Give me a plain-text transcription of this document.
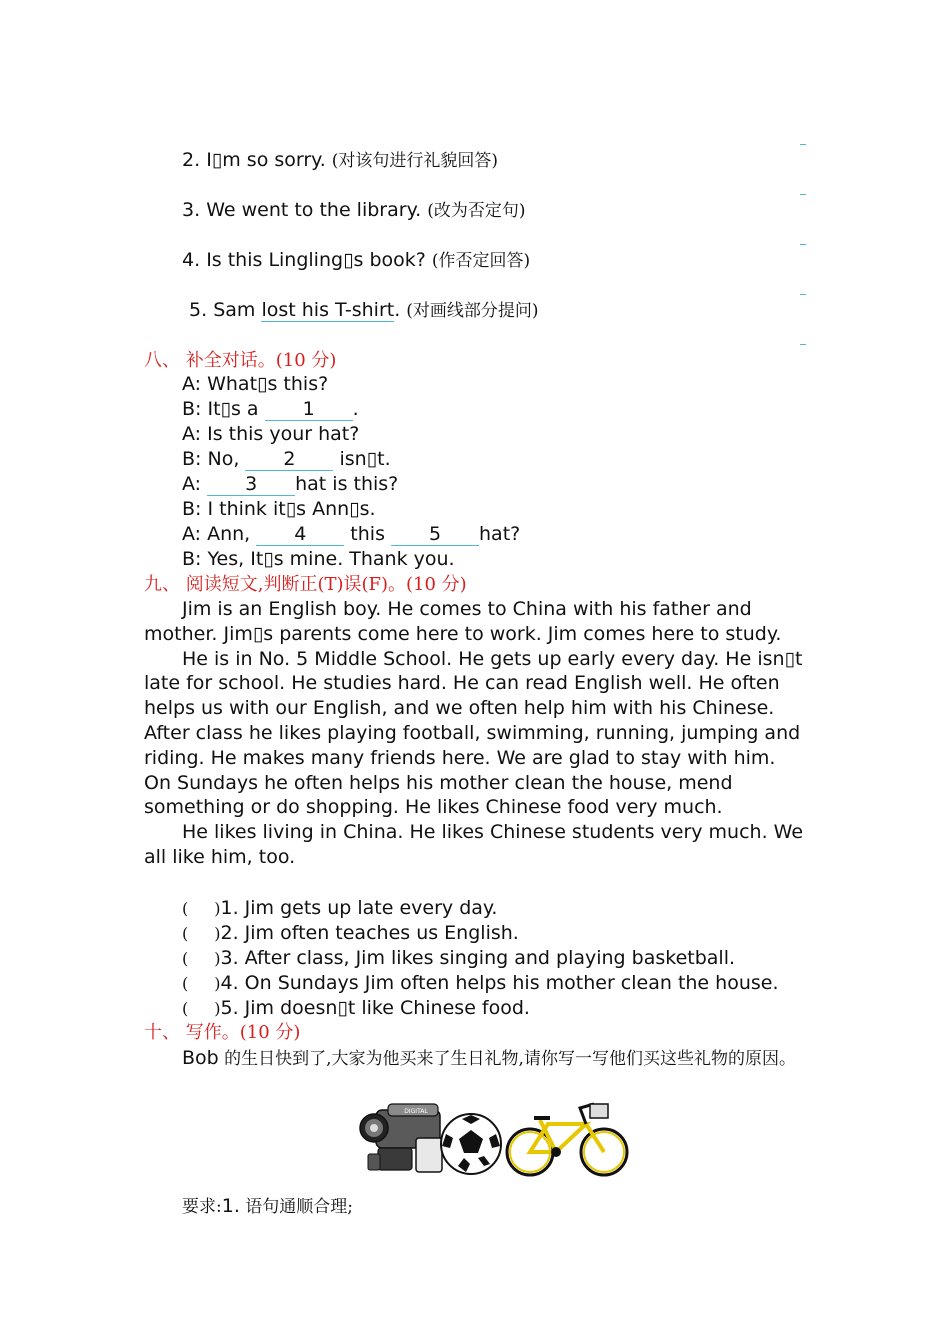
2. I▯m so sorry. (对该句进行礼貌回答)
3. We went to the library. (改为否定句)
4. Is this Lingling▯s book? (作否定回答)
5. Sam lost his T-shirt. (对画线部分提问)
八、 补全对话。(10 分)
A: What▯s this?
B: It▯s a 1 .
A: Is this your hat?
B: No, 2 isn▯t.
A: 3 hat is this?
B: I think it▯s Ann▯s.
A: Ann, 4 this 5 hat?
B: Yes, It▯s mine. Thank you.
九、 阅读短文,判断正(T)误(F)。(10 分)

Jim is an English boy. He comes to China with his father and mother. Jim▯s parents come here to work. Jim comes here to study.

He is in No. 5 Middle School. He gets up early every day. He isn▯t late for school. He studies hard. He can read English well. He often helps us with our English, and we often help him with his Chinese. After class he likes playing football, swimming, running, jumping and riding. He makes many friends here. We are glad to stay with him. On Sundays he often helps his mother clean the house, mend something or do shopping. He likes Chinese food very much.

He likes living in China. He likes Chinese students very much. We all like him, too.

( )1. Jim gets up late every day.
( )2. Jim often teaches us English.
( )3. After class, Jim likes singing and playing basketball.
( )4. On Sundays Jim often helps his mother clean the house.
( )5. Jim doesn▯t like Chinese food.
十、 写作。(10 分)

Bob 的生日快到了,大家为他买来了生日礼物,请你写一写他们买这些礼物的原因。

DIGITAL
要求:1. 语句通顺合理;
